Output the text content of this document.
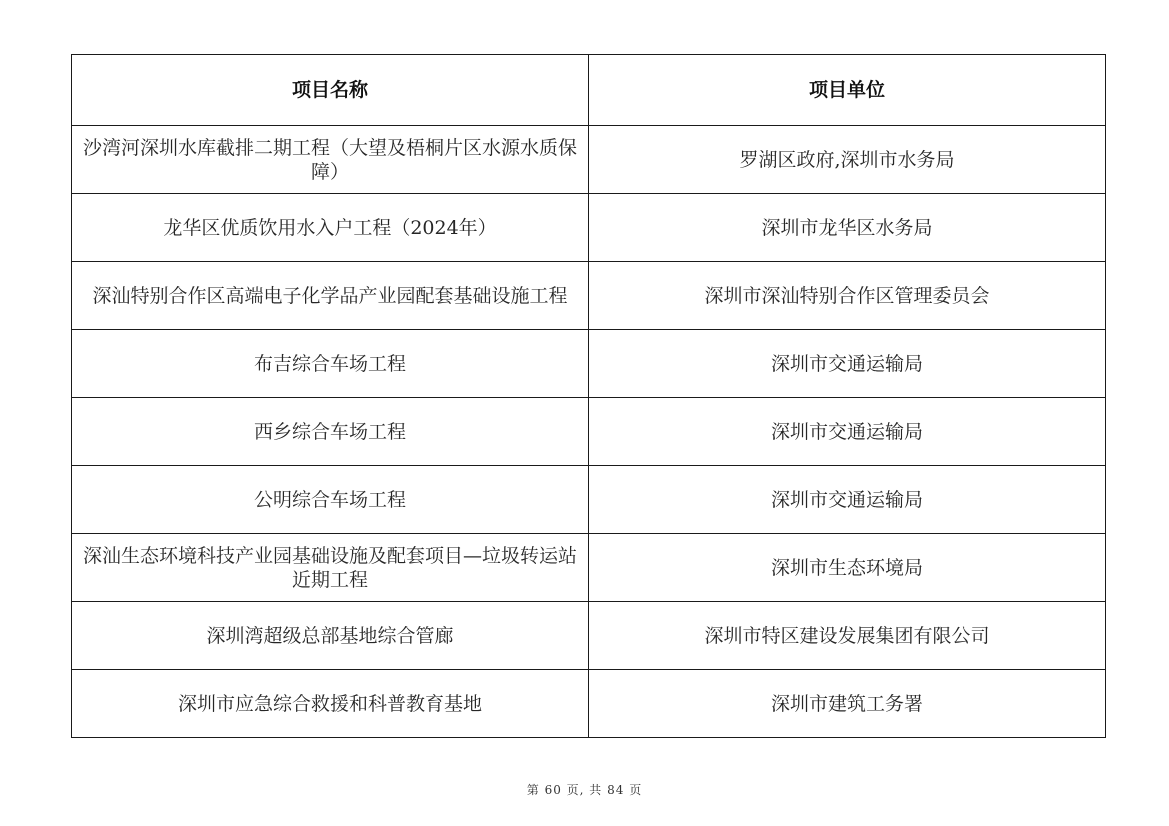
项目名称	项目单位
沙湾河深圳水库截排二期工程（大望及梧桐片区水源水质保障）	罗湖区政府,深圳市水务局
龙华区优质饮用水入户工程（2024年）	深圳市龙华区水务局
深汕特别合作区高端电子化学品产业园配套基础设施工程	深圳市深汕特别合作区管理委员会
布吉综合车场工程	深圳市交通运输局
西乡综合车场工程	深圳市交通运输局
公明综合车场工程	深圳市交通运输局
深汕生态环境科技产业园基础设施及配套项目—垃圾转运站近期工程	深圳市生态环境局
深圳湾超级总部基地综合管廊	深圳市特区建设发展集团有限公司
深圳市应急综合救援和科普教育基地	深圳市建筑工务署
第 60 页, 共 84 页
